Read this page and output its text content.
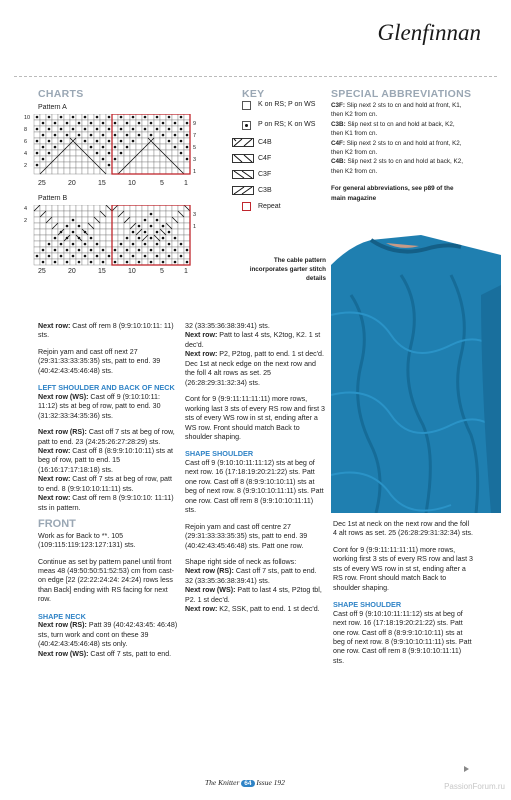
Glenfinnan
CHARTS
Pattern A
10
8
6
4
2
9
7
5
3
1
25	20	15	10	5	1
Pattern B
4
2
3
1
25	20	15	10	5	1
KEY
K on RS; P on WS
P on RS; K on WS
C4B
C4F
C3F
C3B
Repeat
SPECIAL ABBREVIATIONS
C3F: Slip next 2 sts to cn and hold at front, K1, then K2 from cn.
C3B: Slip next st to cn and hold at back, K2, then K1 from cn.
C4F: Slip next 2 sts to cn and hold at front, K2, then K2 from cn.
C4B: Slip next 2 sts to cn and hold at back, K2, then K2 from cn.
For general abbreviations, see p89 of the main magazine
The cable pattern incorporates garter stitch details

Next row: Cast off rem 8 (9:9:10:10:11: 11) sts.

Rejoin yarn and cast off next 27 (29:31:33:33:35:35) sts, patt to end. 39 (40:42:43:45:46:48) sts.

LEFT SHOULDER AND BACK OF NECK

Next row (WS): Cast off 9 (9:10:10:11: 11:12) sts at beg of row, patt to end. 30 (31:32:33:34:35:36) sts.

Next row (RS): Cast off 7 sts at beg of row, patt to end. 23 (24:25:26:27:28:29) sts.

Next row: Cast off 8 (8:9:9:10:10:11) sts at beg of row, patt to end. 15 (16:16:17:17:18:18) sts.

Next row: Cast off 7 sts at beg of row, patt to end. 8 (9:9:10:10:11:11) sts.

Next row: Cast off rem 8 (9:9:10:10: 11:11) sts in pattern.

FRONT

Work as for Back to **. 105 (109:115:119:123:127:131) sts.

Continue as set by pattern panel until front meas 48 (49:50:50:51:52:53) cm from cast-on edge [22 (22:22:24:24: 24:24) rows less than Back] ending with RS facing for next row.

SHAPE NECK

Next row (RS): Patt 39 (40:42:43:45: 46:48) sts, turn work and cont on these 39 (40:42:43:45:46:48) sts only.

Next row (WS): Cast off 7 sts, patt to end.

32 (33:35:36:38:39:41) sts.

Next row: Patt to last 4 sts, K2tog, K2. 1 st dec'd.

Next row: P2, P2tog, patt to end. 1 st dec'd.

Dec 1st at neck edge on the next row and the foll 4 alt rows as set. 25 (26:28:29:31:32:34) sts.

Cont for 9 (9:9:11:11:11:11) more rows, working last 3 sts of every RS row and first 3 sts of every WS row in st st, ending after a WS row. Front should match Back to shoulder shaping.

SHAPE SHOULDER

Cast off 9 (9:10:10:11:11:12) sts at beg of next row. 16 (17:18:19:20:21:22) sts. Patt one row. Cast off 8 (8:9:9:10:10:11) sts at beg of next row. 8 (9:9:10:10:11:11) sts. Patt one row. Cast off rem 8 (9:9:10:10:11:11) sts.

Rejoin yarn and cast off centre 27 (29:31:33:33:35:35) sts, patt to end. 39 (40:42:43:45:46:48) sts. Patt one row.

Shape right side of neck as follows:

Next row (RS): Cast off 7 sts, patt to end. 32 (33:35:36:38:39:41) sts.

Next row (WS): Patt to last 4 sts, P2tog tbl, P2. 1 st dec'd.

Next row: K2, SSK, patt to end. 1 st dec'd.

Dec 1st at neck on the next row and the foll 4 alt rows as set. 25 (26:28:29:31:32:34) sts.

Cont for 9 (9:9:11:11:11:11) more rows, working first 3 sts of every RS row and last 3 sts of every WS row in st st, ending after a RS row. Front should match Back to shoulder shaping.

SHAPE SHOULDER

Cast off 9 (9:10:10:11:11:12) sts at beg of next row. 16 (17:18:19:20:21:22) sts. Patt one row. Cast off 8 (8:9:9:10:10:11) sts at beg of next row. 8 (9:9:10:10:11:11) sts. Patt one row. Cast off rem 8 (9:9:10:10:11:11) sts.

The Knitter 64 Issue 192	PassionForum.ru
